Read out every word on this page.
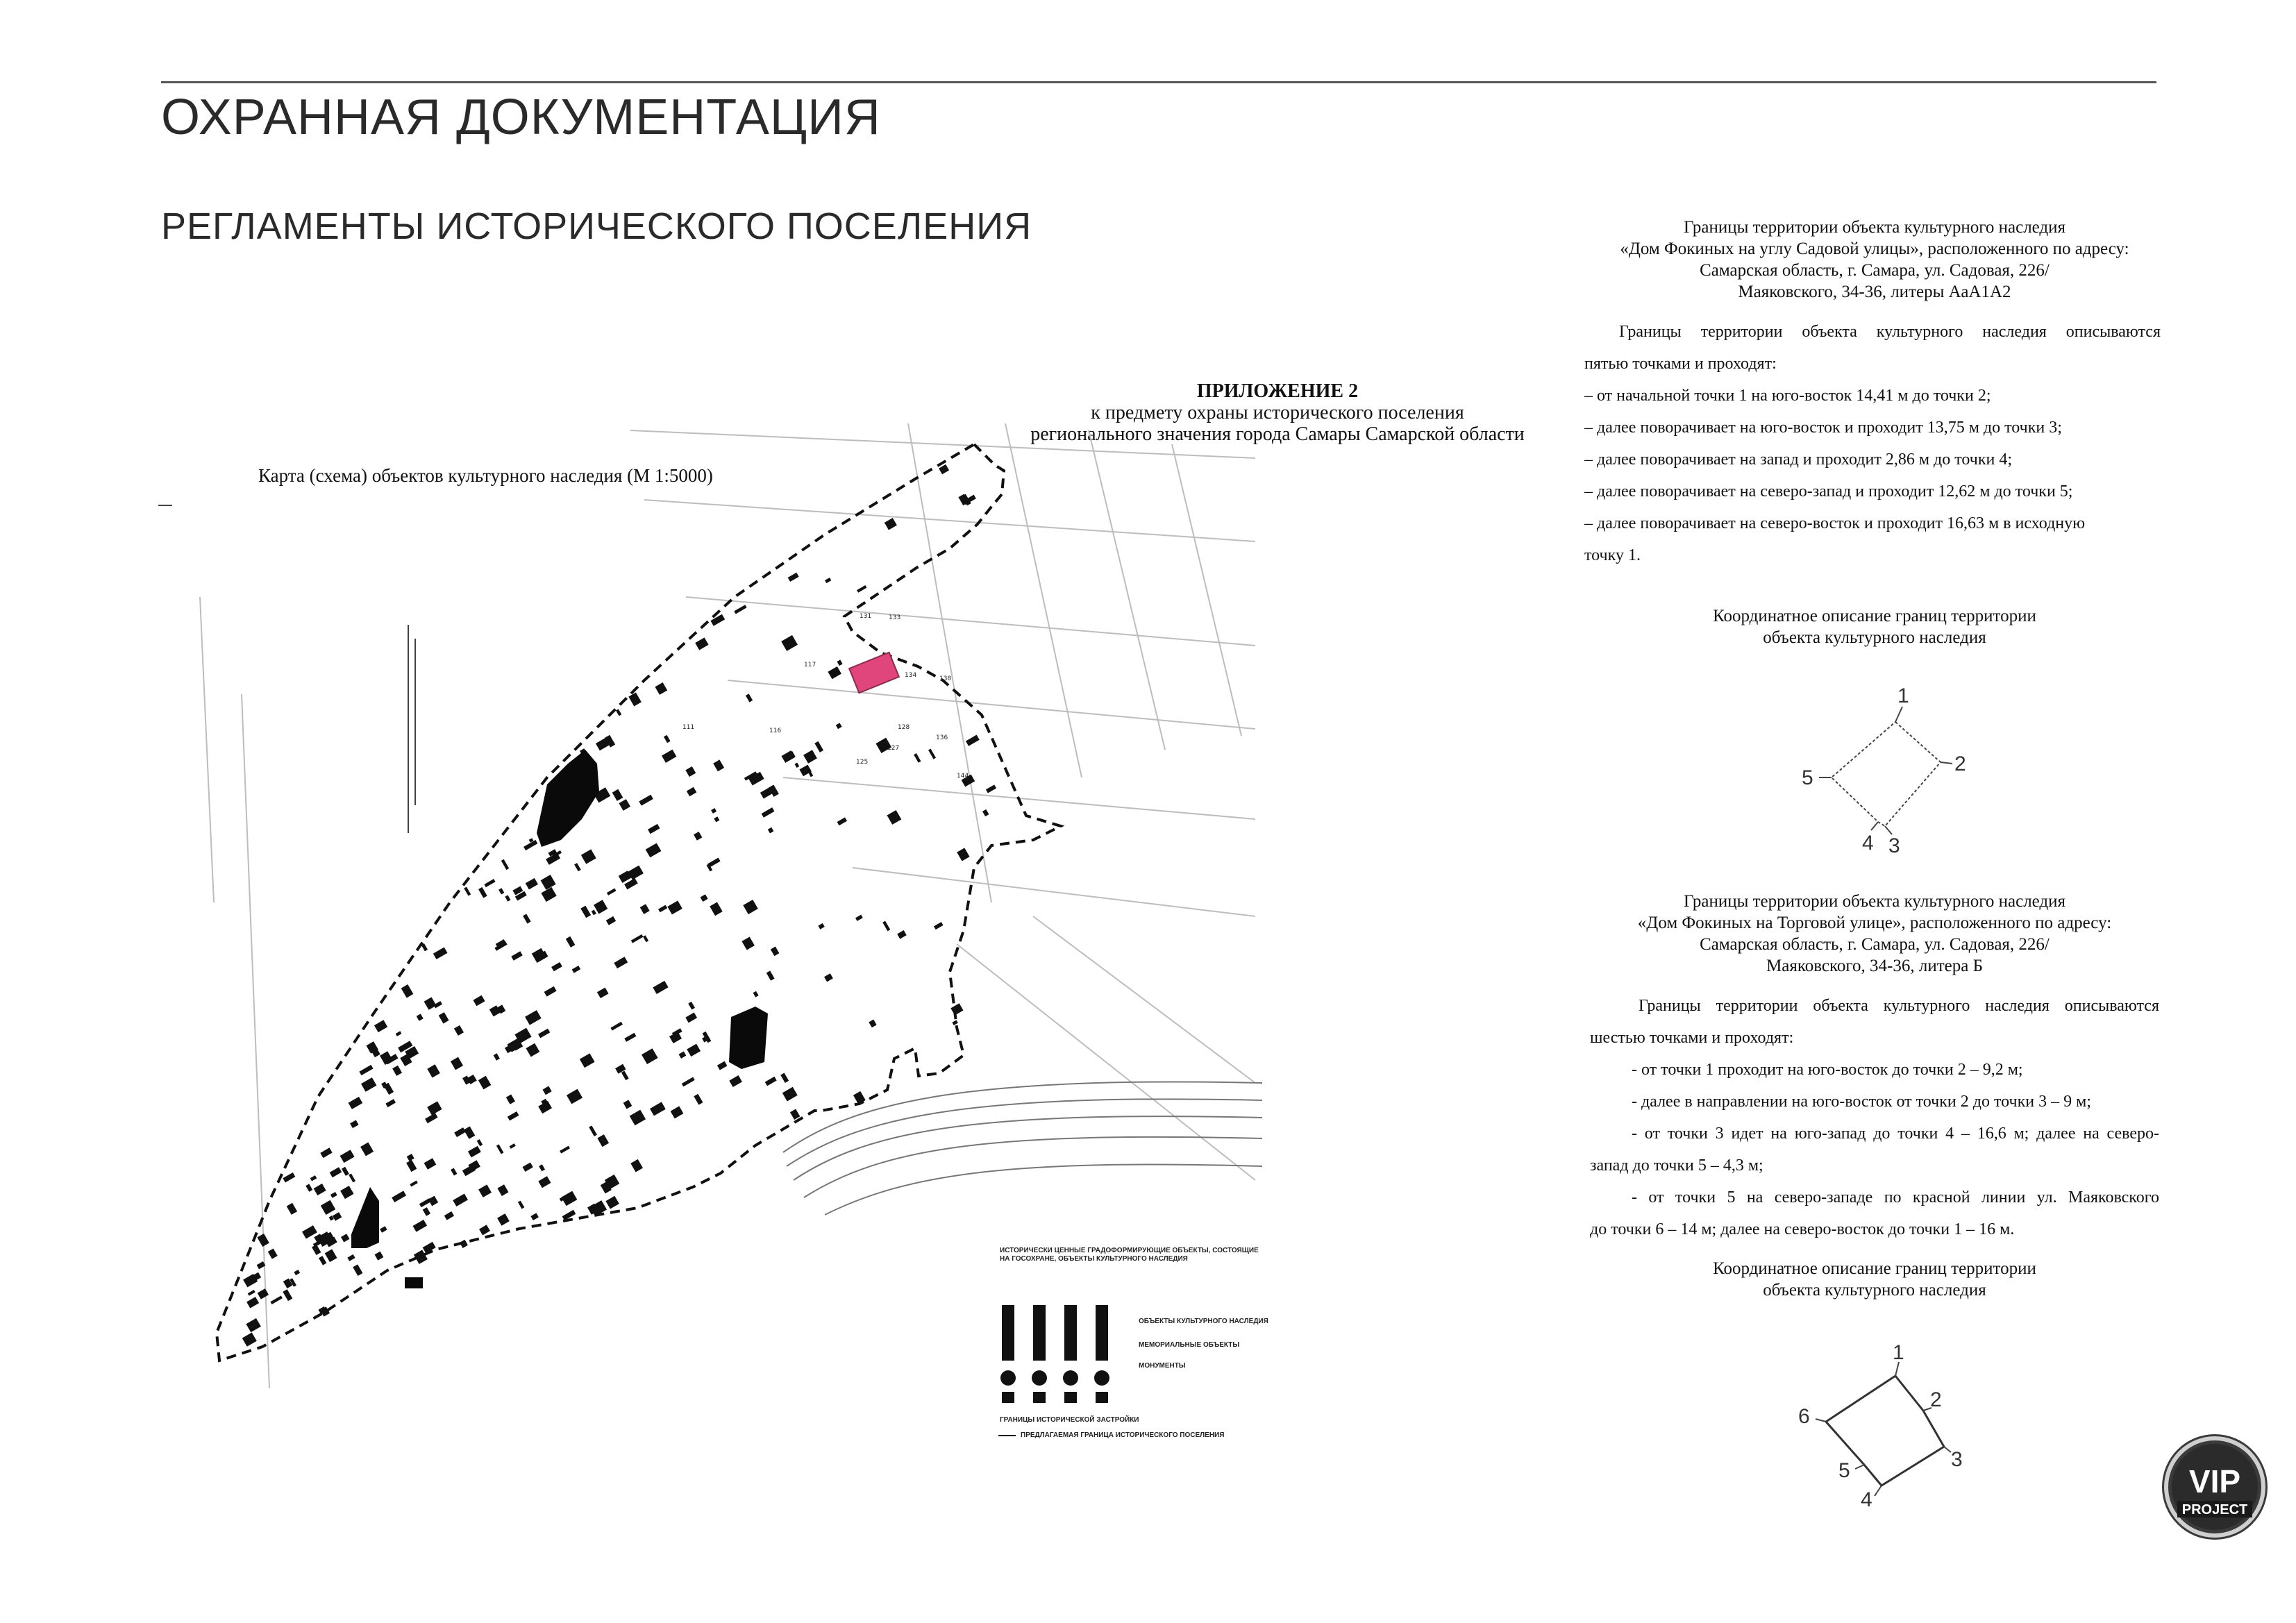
ОХРАННАЯ ДОКУМЕНТАЦИЯ
РЕГЛАМЕНТЫ ИСТОРИЧЕСКОГО ПОСЕЛЕНИЯ
ПРИЛОЖЕНИЕ 2
к предмету охраны исторического поселения
регионального значения города Самары Самарской области
Карта (схема) объектов культурного наследия (М 1:5000)
131	133
117
134	138
136
128
127
125
144
116
111
ИСТОРИЧЕСКИ ЦЕННЫЕ ГРАДОФОРМИРУЮЩИЕ ОБЪЕКТЫ, СОСТОЯЩИЕ НА ГОСОХРАНЕ, ОБЪЕКТЫ КУЛЬТУРНОГО НАСЛЕДИЯ
ОБЪЕКТЫ КУЛЬТУРНОГО НАСЛЕДИЯ
МЕМОРИАЛЬНЫЕ ОБЪЕКТЫ
МОНУМЕНТЫ
ГРАНИЦЫ ИСТОРИЧЕСКОЙ ЗАСТРОЙКИ
ПРЕДЛАГАЕМАЯ ГРАНИЦА ИСТОРИЧЕСКОГО ПОСЕЛЕНИЯ
Границы территории объекта культурного наследия
«Дом Фокиных на углу Садовой улицы», расположенного по адресу:
Самарская область, г. Самара, ул. Садовая, 226/
Маяковского, 34-36, литеры АаА1А2

Границы территории объекта культурного наследия описываются

пятью точками и проходят:

– от начальной точки 1 на юго-восток 14,41 м до точки 2;

– далее поворачивает на юго-восток и проходит 13,75 м до точки 3;

– далее поворачивает на запад и проходит 2,86 м до точки 4;

– далее поворачивает на северо-запад и проходит 12,62 м до точки 5;

– далее поворачивает на северо-восток и проходит 16,63 м в исходную

точку 1.

Координатное описание границ территории
объекта культурного наследия
1
2
3
4
5
Границы территории объекта культурного наследия
«Дом Фокиных на Торговой улице», расположенного по адресу:
Самарская область, г. Самара, ул. Садовая, 226/
Маяковского, 34-36, литера Б

Границы территории объекта культурного наследия описываются

шестью точками и проходят:

- от точки 1 проходит на юго-восток до точки 2 – 9,2 м;

- далее в направлении на юго-восток от точки 2 до точки 3 – 9 м;

- от точки 3 идет на юго-запад до точки 4 – 16,6 м; далее на северо-

запад до точки 5 – 4,3 м;

- от точки 5 на северо-западе по красной линии ул. Маяковского

до точки 6 – 14 м; далее на северо-восток до точки 1 – 16 м.

Координатное описание границ территории
объекта культурного наследия
1
2
3
4
5
6
VIP
PROJECT
